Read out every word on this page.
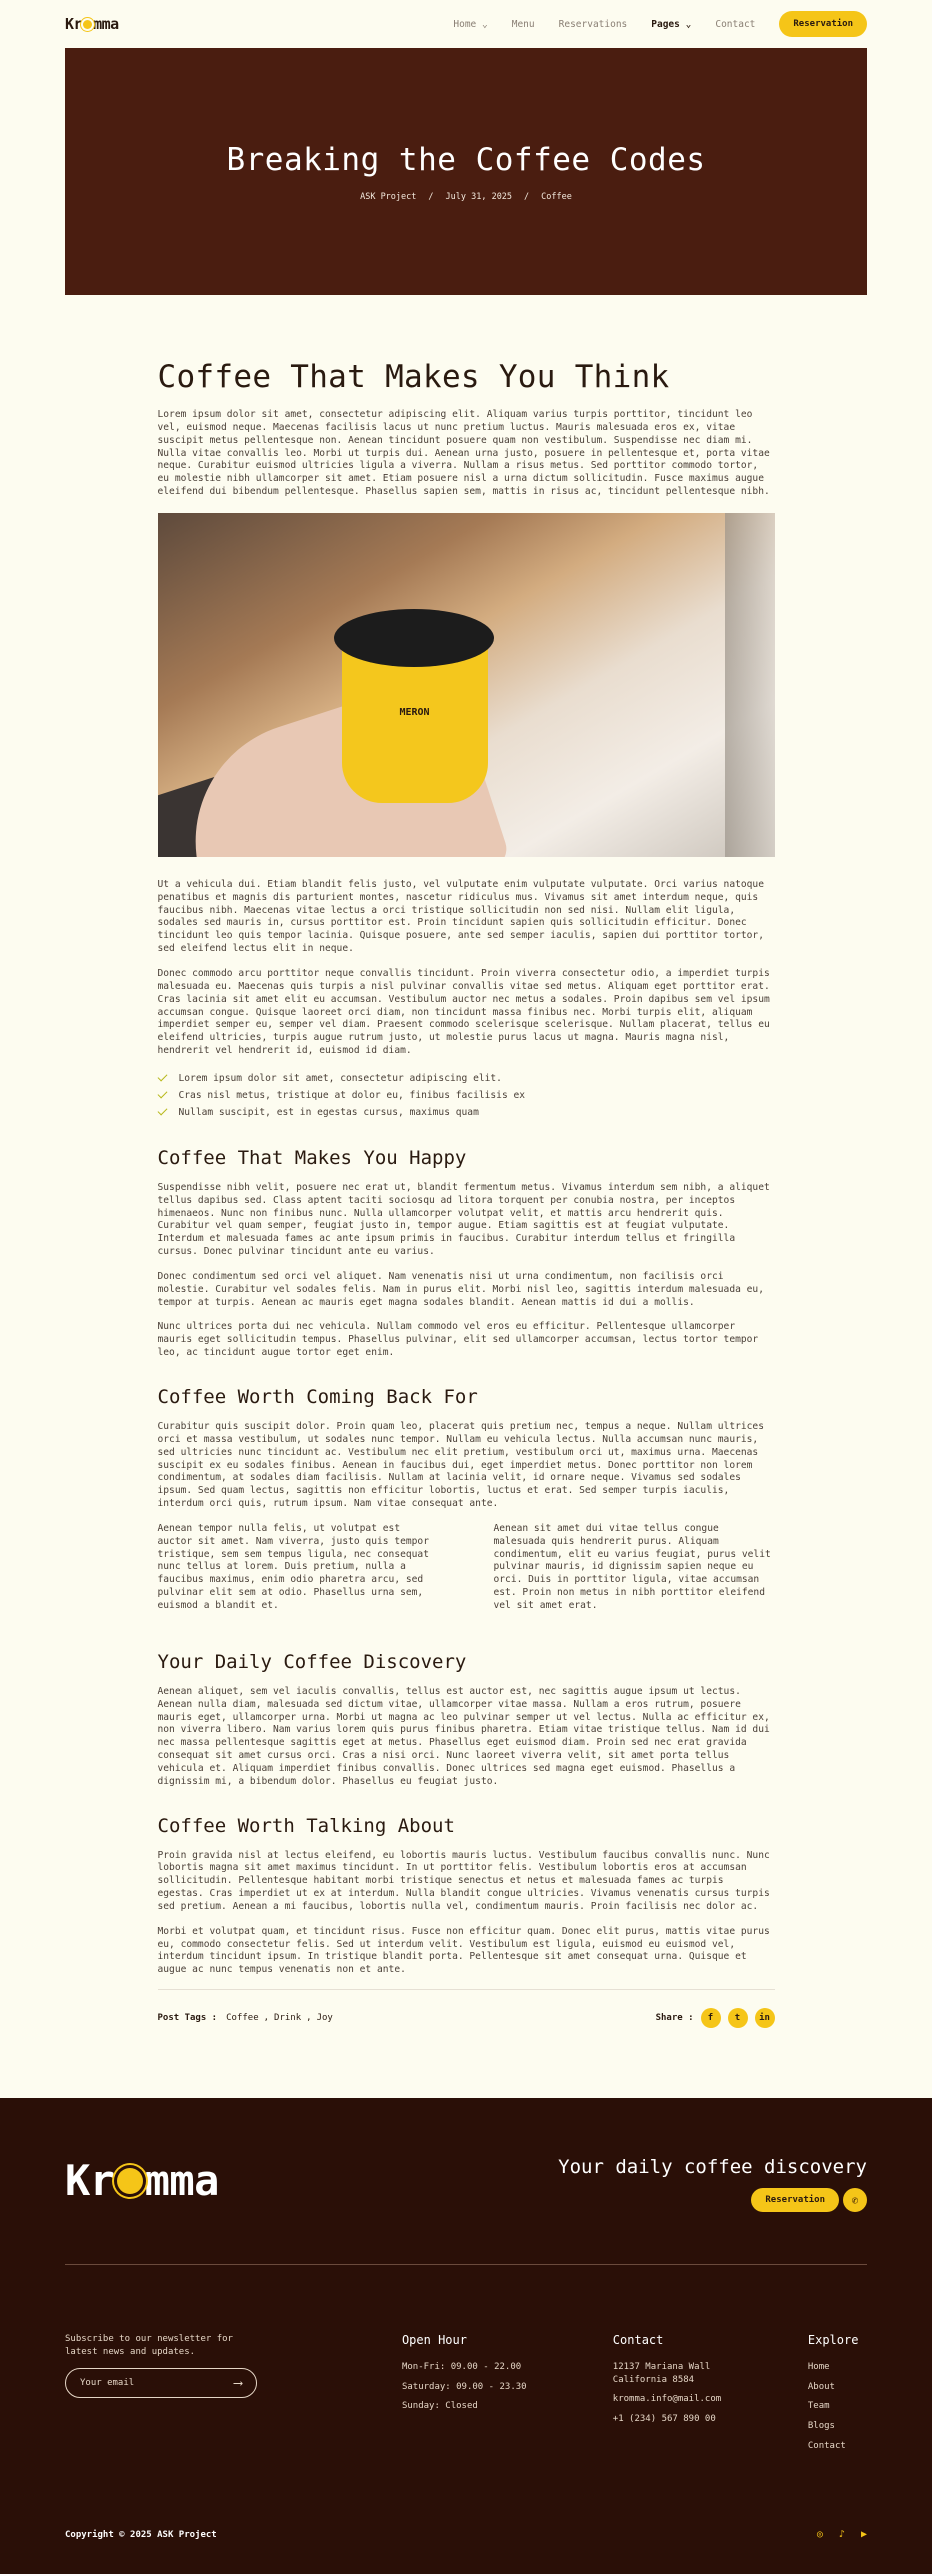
Kr mma	Home ⌄	Menu	Reservations	Pages ⌄	Contact	Reservation
Breaking the Coffee Codes
ASK Project / July 31, 2025 / Coffee
Coffee That Makes You Think

Lorem ipsum dolor sit amet, consectetur adipiscing elit. Aliquam varius turpis porttitor, tincidunt leo vel, euismod neque. Maecenas facilisis lacus ut nunc pretium luctus. Mauris malesuada eros ex, vitae suscipit metus pellentesque non. Aenean tincidunt posuere quam non vestibulum. Suspendisse nec diam mi. Nulla vitae convallis leo. Morbi ut turpis dui. Aenean urna justo, posuere in pellentesque et, porta vitae neque. Curabitur euismod ultricies ligula a viverra. Nullam a risus metus. Sed porttitor commodo tortor, eu molestie nibh ullamcorper sit amet. Etiam posuere nisl a urna dictum sollicitudin. Fusce maximus augue eleifend dui bibendum pellentesque. Phasellus sapien sem, mattis in risus ac, tincidunt pellentesque nibh.

MERON

Ut a vehicula dui. Etiam blandit felis justo, vel vulputate enim vulputate vulputate. Orci varius natoque penatibus et magnis dis parturient montes, nascetur ridiculus mus. Vivamus sit amet interdum neque, quis faucibus nibh. Maecenas vitae lectus a orci tristique sollicitudin non sed nisi. Nullam elit ligula, sodales sed mauris in, cursus porttitor est. Proin tincidunt sapien quis sollicitudin efficitur. Donec tincidunt leo quis tempor lacinia. Quisque posuere, ante sed semper iaculis, sapien dui porttitor tortor, sed eleifend lectus elit in neque.

Donec commodo arcu porttitor neque convallis tincidunt. Proin viverra consectetur odio, a imperdiet turpis malesuada eu. Maecenas quis turpis a nisl pulvinar convallis vitae sed metus. Aliquam eget porttitor erat. Cras lacinia sit amet elit eu accumsan. Vestibulum auctor nec metus a sodales. Proin dapibus sem vel ipsum accumsan congue. Quisque laoreet orci diam, non tincidunt massa finibus nec. Morbi turpis elit, aliquam imperdiet semper eu, semper vel diam. Praesent commodo scelerisque scelerisque. Nullam placerat, tellus eu eleifend ultricies, turpis augue rutrum justo, ut molestie purus lacus ut magna. Mauris magna nisl, hendrerit vel hendrerit id, euismod id diam.

Lorem ipsum dolor sit amet, consectetur adipiscing elit.
Cras nisl metus, tristique at dolor eu, finibus facilisis ex
Nullam suscipit, est in egestas cursus, maximus quam
Coffee That Makes You Happy

Suspendisse nibh velit, posuere nec erat ut, blandit fermentum metus. Vivamus interdum sem nibh, a aliquet tellus dapibus sed. Class aptent taciti sociosqu ad litora torquent per conubia nostra, per inceptos himenaeos. Nunc non finibus nunc. Nulla ullamcorper volutpat velit, et mattis arcu hendrerit quis. Curabitur vel quam semper, feugiat justo in, tempor augue. Etiam sagittis est at feugiat vulputate. Interdum et malesuada fames ac ante ipsum primis in faucibus. Curabitur interdum tellus et fringilla cursus. Donec pulvinar tincidunt ante eu varius.

Donec condimentum sed orci vel aliquet. Nam venenatis nisi ut urna condimentum, non facilisis orci molestie. Curabitur vel sodales felis. Nam in purus elit. Morbi nisl leo, sagittis interdum malesuada eu, tempor at turpis. Aenean ac mauris eget magna sodales blandit. Aenean mattis id dui a mollis.

Nunc ultrices porta dui nec vehicula. Nullam commodo vel eros eu efficitur. Pellentesque ullamcorper mauris eget sollicitudin tempus. Phasellus pulvinar, elit sed ullamcorper accumsan, lectus tortor tempor leo, ac tincidunt augue tortor eget enim.

Coffee Worth Coming Back For

Curabitur quis suscipit dolor. Proin quam leo, placerat quis pretium nec, tempus a neque. Nullam ultrices orci et massa vestibulum, ut sodales nunc tempor. Nullam eu vehicula lectus. Nulla accumsan nunc mauris, sed ultricies nunc tincidunt ac. Vestibulum nec elit pretium, vestibulum orci ut, maximus urna. Maecenas suscipit ex eu sodales finibus. Aenean in faucibus dui, eget imperdiet metus. Donec porttitor non lorem condimentum, at sodales diam facilisis. Nullam at lacinia velit, id ornare neque. Vivamus sed sodales ipsum. Sed quam lectus, sagittis non efficitur lobortis, luctus et erat. Sed semper turpis iaculis, interdum orci quis, rutrum ipsum. Nam vitae consequat ante.

Aenean tempor nulla felis, ut volutpat est auctor sit amet. Nam viverra, justo quis tempor tristique, sem sem tempus ligula, nec consequat nunc tellus at lorem. Duis pretium, nulla a faucibus maximus, enim odio pharetra arcu, sed pulvinar elit sem at odio. Phasellus urna sem, euismod a blandit et.

Aenean sit amet dui vitae tellus congue malesuada quis hendrerit purus. Aliquam condimentum, elit eu varius feugiat, purus velit pulvinar mauris, id dignissim sapien neque eu orci. Duis in porttitor ligula, vitae accumsan est. Proin non metus in nibh porttitor eleifend vel sit amet erat.

Your Daily Coffee Discovery

Aenean aliquet, sem vel iaculis convallis, tellus est auctor est, nec sagittis augue ipsum ut lectus. Aenean nulla diam, malesuada sed dictum vitae, ullamcorper vitae massa. Nullam a eros rutrum, posuere mauris eget, ullamcorper urna. Morbi ut magna ac leo pulvinar semper ut vel lectus. Nulla ac efficitur ex, non viverra libero. Nam varius lorem quis purus finibus pharetra. Etiam vitae tristique tellus. Nam id dui nec massa pellentesque sagittis eget at metus. Phasellus eget euismod diam. Proin sed nec erat gravida consequat sit amet cursus orci. Cras a nisi orci. Nunc laoreet viverra velit, sit amet porta tellus vehicula et. Aliquam imperdiet finibus convallis. Donec ultrices sed magna eget euismod. Phasellus a dignissim mi, a bibendum dolor. Phasellus eu feugiat justo.

Coffee Worth Talking About

Proin gravida nisl at lectus eleifend, eu lobortis mauris luctus. Vestibulum faucibus convallis nunc. Nunc lobortis magna sit amet maximus tincidunt. In ut porttitor felis. Vestibulum lobortis eros at accumsan sollicitudin. Pellentesque habitant morbi tristique senectus et netus et malesuada fames ac turpis egestas. Cras imperdiet ut ex at interdum. Nulla blandit congue ultricies. Vivamus venenatis cursus turpis sed pretium. Aenean a mi faucibus, lobortis nulla vel, condimentum mauris. Proin facilisis nec dolor ac.

Morbi et volutpat quam, et tincidunt risus. Fusce non efficitur quam. Donec elit purus, mattis vitae purus eu, commodo consectetur felis. Sed ut interdum velit. Vestibulum est ligula, euismod eu euismod vel, interdum tincidunt ipsum. In tristique blandit porta. Pellentesque sit amet consequat urna. Quisque et augue ac nunc tempus venenatis non et ante.

Post Tags : Coffee , Drink , Joy	Share :	f	t	in
Kr mma	Your daily coffee discovery
Reservation	✆
Subscribe to our newsletter for latest news and updates.
Your email
⟶
Open Hour
Mon-Fri: 09.00 - 22.00
Saturday: 09.00 - 23.30
Sunday: Closed
Contact
12137 Mariana Wall California 8584
kromma.info@mail.com
+1 (234) 567 890 00
Explore
Home
About
Team
Blogs
Contact
Copyright © 2025 ASK Project	◎ ♪ ▶
